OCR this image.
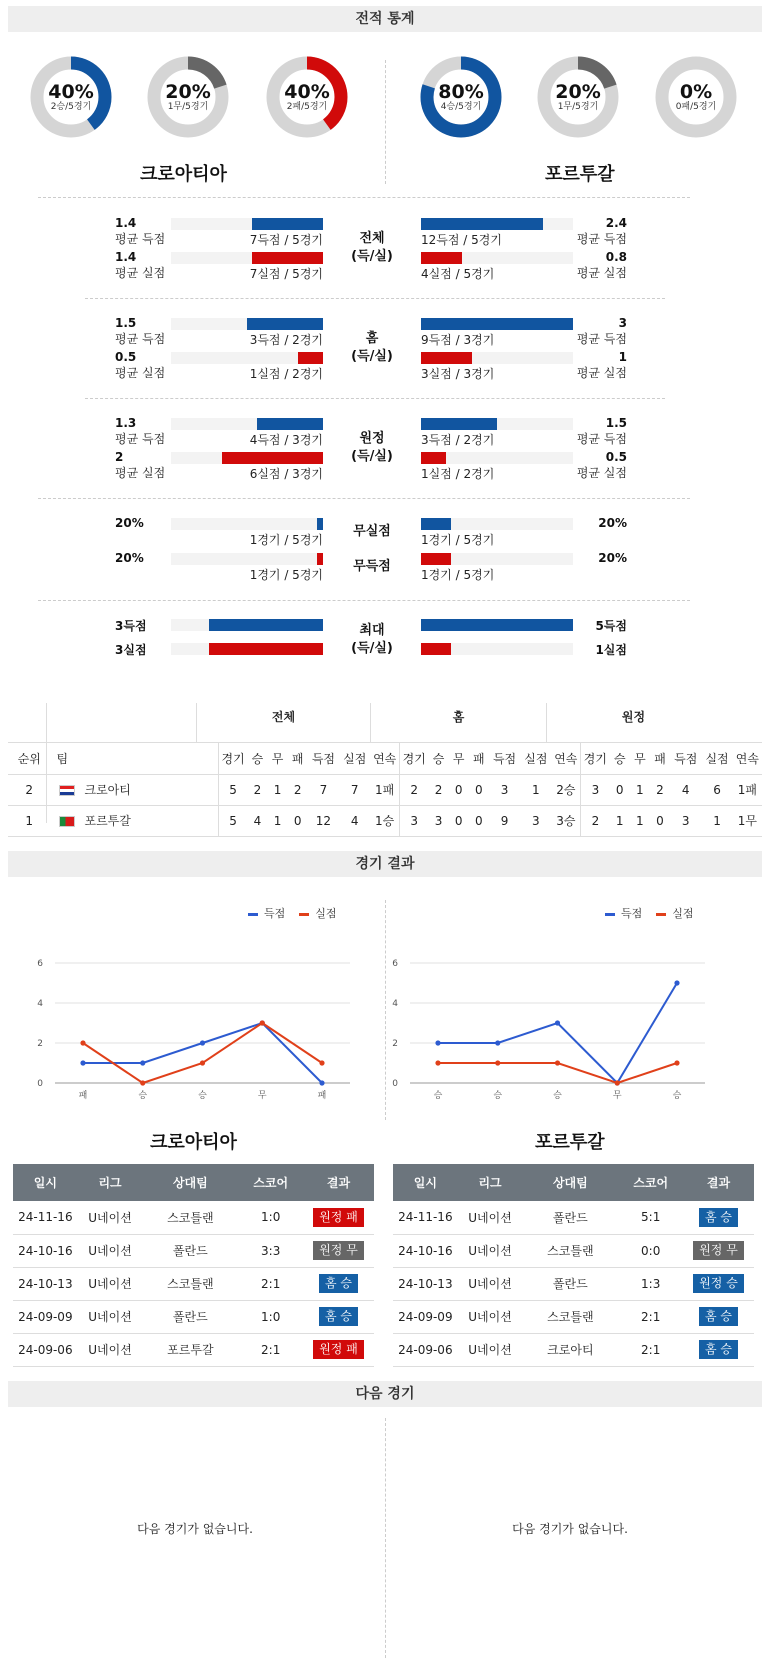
전적 통계
경기 결과
다음 경기
40%
2승/5경기
20%
1무/5경기
40%
2패/5경기
80%
4승/5경기
20%
1무/5경기
0%
0패/5경기
크로아티아	포르투갈
1.4
평균 득점	7득점 / 5경기
1.4
평균 실점	7실점 / 5경기
2.4
평균 득점
12득점 / 5경기
0.8
평균 실점
4실점 / 5경기
전체
(득/실)
1.5
평균 득점	3득점 / 2경기
0.5
평균 실점	1실점 / 2경기
3
평균 득점
9득점 / 3경기
1
평균 실점
3실점 / 3경기
홈
(득/실)
1.3
평균 득점	4득점 / 3경기
2
평균 실점	6실점 / 3경기
1.5
평균 득점
3득점 / 2경기
0.5
평균 실점
1실점 / 2경기
원정
(득/실)
20%
1경기 / 5경기
20%
1경기 / 5경기
무실점
20%
1경기 / 5경기
20%
1경기 / 5경기
무득점
3득점	5득점
3실점	1실점
최대
(득/실)
순위	팀	경기	승	무	패	득점	실점	연속	경기	승	무	패	득점	실점	연속	경기	승	무	패	득점	실점	연속
2	크로아티	5	2	1	2	7	7	1패	2	2	0	0	3	1	2승	3	0	1	2	4	6	1패
1	포르투갈	5	4	1	0	12	4	1승	3	3	0	0	9	3	3승	2	1	1	0	3	1	1무
전체	홈	원정
0
2
4
6
패	승	승	무	패
0
2
4
6
승	승	승	무	승
득점	실점	득점	실점
크로아티아	포르투갈
일시	리그	상대팀	스코어	결과
24-11-16	U네이션	스코틀랜	1:0	원정 패
24-10-16	U네이션	폴란드	3:3	원정 무
24-10-13	U네이션	스코틀랜	2:1	홈 승
24-09-09	U네이션	폴란드	1:0	홈 승
24-09-06	U네이션	포르투갈	2:1	원정 패
일시	리그	상대팀	스코어	결과
24-11-16	U네이션	폴란드	5:1	홈 승
24-10-16	U네이션	스코틀랜	0:0	원정 무
24-10-13	U네이션	폴란드	1:3	원정 승
24-09-09	U네이션	스코틀랜	2:1	홈 승
24-09-06	U네이션	크로아티	2:1	홈 승
다음 경기가 없습니다.	다음 경기가 없습니다.
